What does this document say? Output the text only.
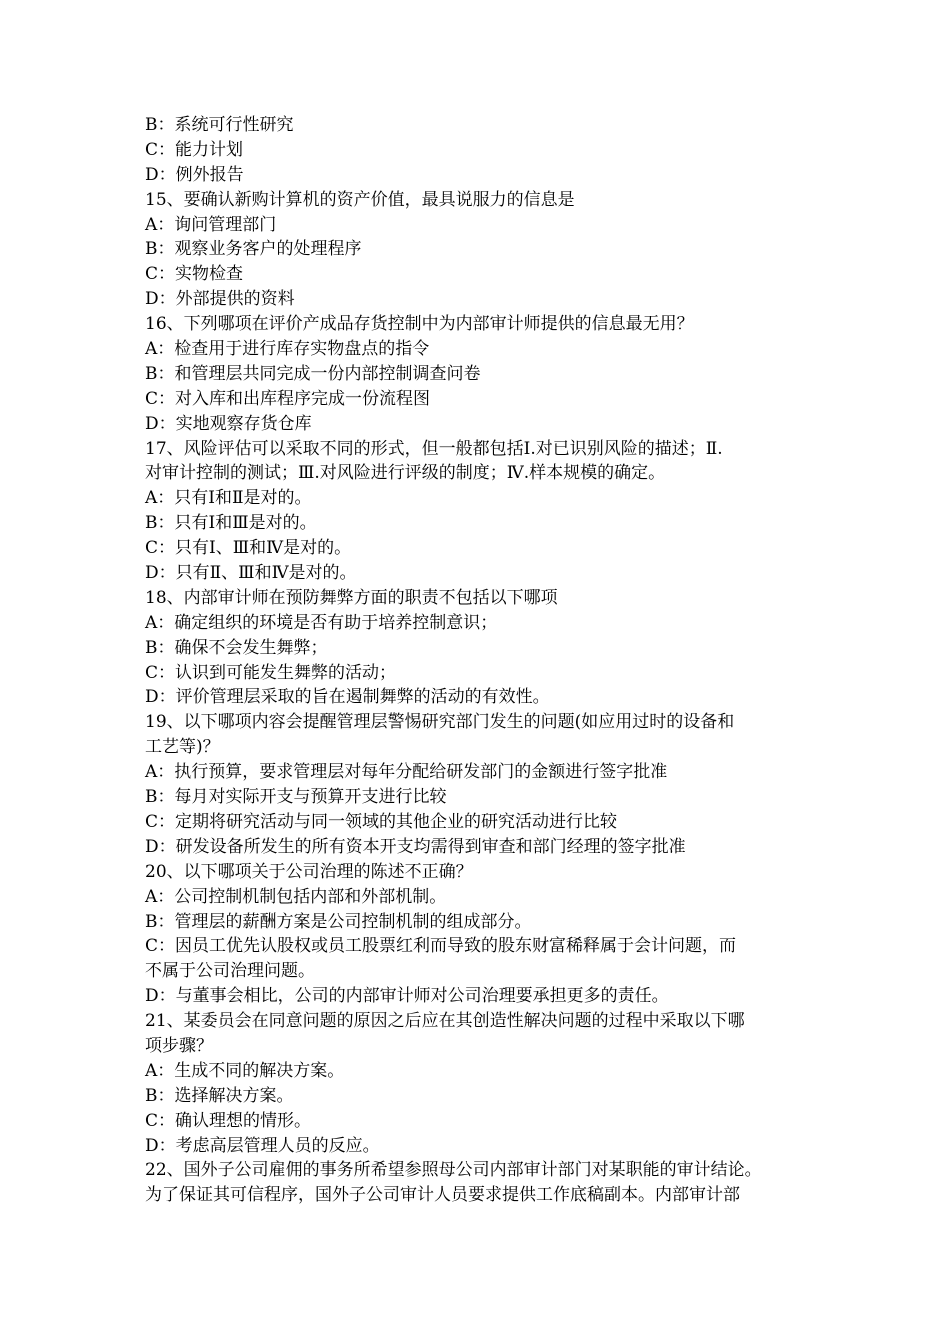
B：系统可行性研究
C：能力计划
D：例外报告
15、要确认新购计算机的资产价值，最具说服力的信息是
A：询问管理部门
B：观察业务客户的处理程序
C：实物检查
D：外部提供的资料
16、下列哪项在评价产成品存货控制中为内部审计师提供的信息最无用？
A：检查用于进行库存实物盘点的指令
B：和管理层共同完成一份内部控制调查问卷
C：对入库和出库程序完成一份流程图
D：实地观察存货仓库
17、风险评估可以采取不同的形式，但一般都包括Ⅰ.对已识别风险的描述；Ⅱ.
对审计控制的测试；Ⅲ.对风险进行评级的制度；Ⅳ.样本规模的确定。
A：只有Ⅰ和Ⅱ是对的。
B：只有Ⅰ和Ⅲ是对的。
C：只有Ⅰ、Ⅲ和Ⅳ是对的。
D：只有Ⅱ、Ⅲ和Ⅳ是对的。
18、内部审计师在预防舞弊方面的职责不包括以下哪项
A：确定组织的环境是否有助于培养控制意识；
B：确保不会发生舞弊；
C：认识到可能发生舞弊的活动；
D：评价管理层采取的旨在遏制舞弊的活动的有效性。
19、以下哪项内容会提醒管理层警惕研究部门发生的问题(如应用过时的设备和
工艺等)？
A：执行预算，要求管理层对每年分配给研发部门的金额进行签字批准
B：每月对实际开支与预算开支进行比较
C：定期将研究活动与同一领域的其他企业的研究活动进行比较
D：研发设备所发生的所有资本开支均需得到审查和部门经理的签字批准
20、以下哪项关于公司治理的陈述不正确？
A：公司控制机制包括内部和外部机制。
B：管理层的薪酬方案是公司控制机制的组成部分。
C：因员工优先认股权或员工股票红利而导致的股东财富稀释属于会计问题，而
不属于公司治理问题。
D：与董事会相比，公司的内部审计师对公司治理要承担更多的责任。
21、某委员会在同意问题的原因之后应在其创造性解决问题的过程中采取以下哪
项步骤？
A：生成不同的解决方案。
B：选择解决方案。
C：确认理想的情形。
D：考虑高层管理人员的反应。
22、国外子公司雇佣的事务所希望参照母公司内部审计部门对某职能的审计结论。
为了保证其可信程序，国外子公司审计人员要求提供工作底稿副本。内部审计部
